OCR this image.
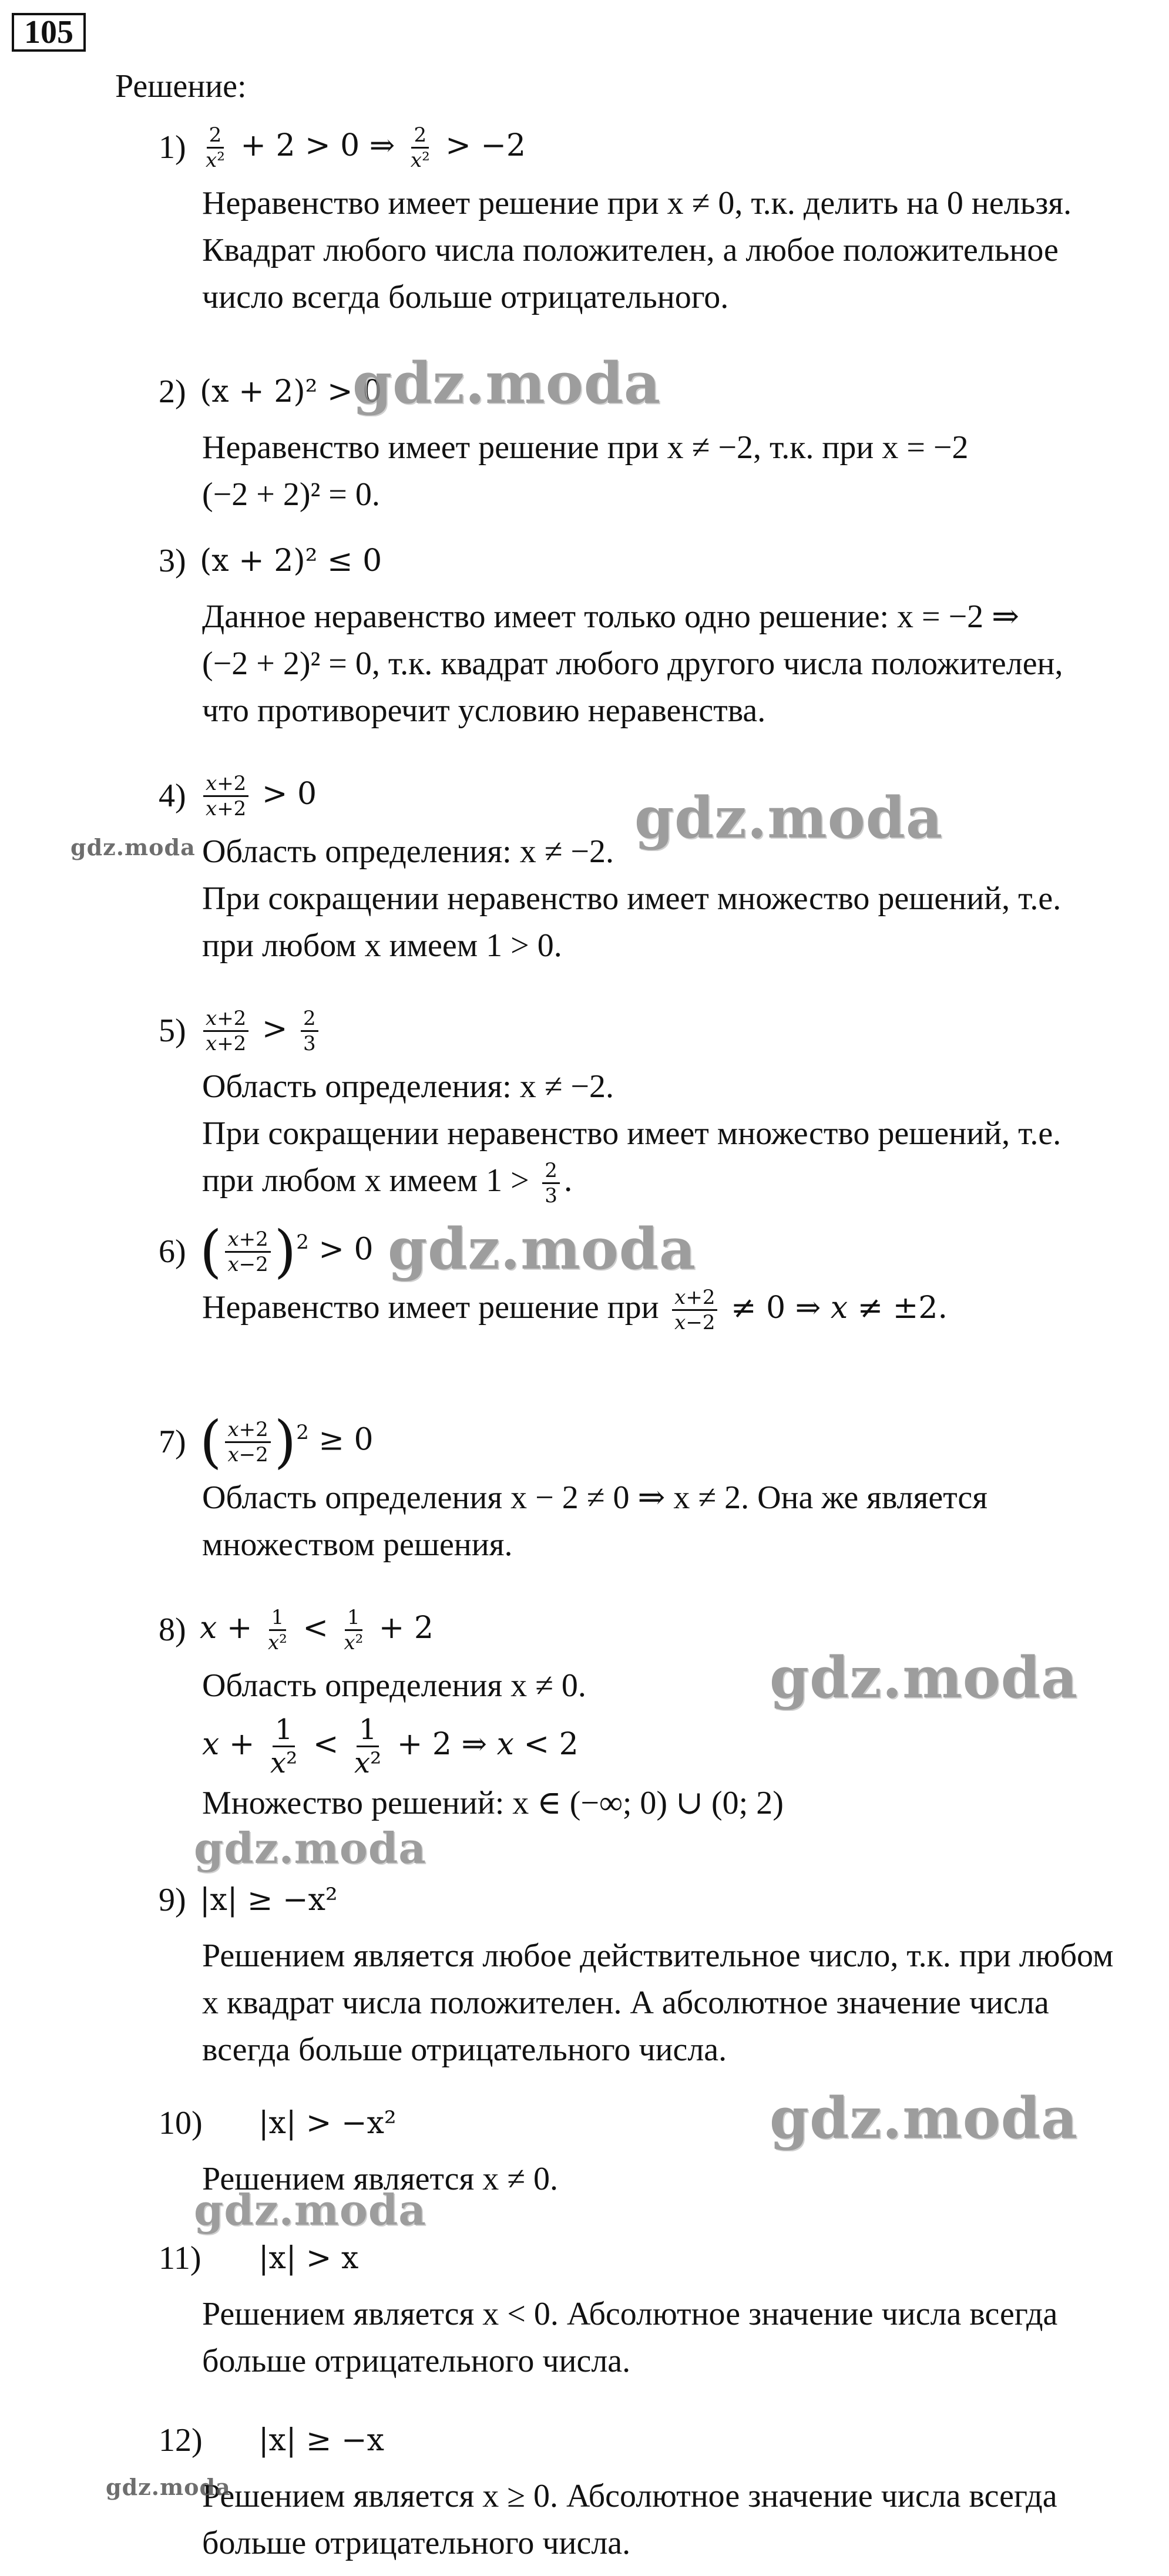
105
Решение:
$1) \frac{2}{\text{x²}} + 2 > 0$ ⇒ $\frac{2}{\text{x²}} > -2$

Неравенство имеет решение при x ≠ 0, т.к. делить на 0 нельзя.

Квадрат любого числа положителен, а любое положительное

число всегда больше отрицательного.

2) (x + 2)² > 0

Неравенство имеет решение при x ≠ −2, т.к. при x = −2

(−2 + 2)² = 0.

3) (x + 2)² ≤ 0

Данное неравенство имеет только одно решение: x = −2 ⇒

(−2 + 2)² = 0, т.к. квадрат любого другого числа положителен,

что противоречит условию неравенства.

$4) \frac{x+2}{x+2} > 0$

Область определения: x ≠ −2.

При сокращении неравенство имеет множество решений, т.е.

при любом x имеем 1 > 0.

$5) \frac{x+2}{x+2} > \frac{2}{3}$

Область определения: x ≠ −2.

При сокращении неравенство имеет множество решений, т.е.

при любом x имеем $1 > \frac{2}{3}$ .

6) ( $\frac{x+2}{x-2} )^2 > 0$

Неравенство имеет решение при $\frac{x+2}{x-2} \ne 0$ ⇒ x ≠ ±2.

7) ( $\frac{x+2}{x-2} )^2 \ge 0$

Область определения x − 2 ≠ 0 ⇒ x ≠ 2. Она же является

множеством решения.

8) $x + \frac{1}{\text{x²}} < \frac{1}{\text{x²}} + 2$

Область определения x ≠ 0.

$x + \frac{1}{\text{x²}} < \frac{1}{\text{x²}} + 2$ ⇒ x < 2

Множество решений: x ∈ (−∞; 0) ∪ (0; 2)

9) |x| ≥ −x²

Решением является любое действительное число, т.к. при любом

x квадрат числа положителен. А абсолютное значение числа

всегда больше отрицательного числа.

10)	|x| > −x²

Решением является x ≠ 0.

11)	|x| > x

Решением является x < 0. Абсолютное значение числа всегда

больше отрицательного числа.

12)	|x| ≥ −x

Решением является x ≥ 0. Абсолютное значение числа всегда

больше отрицательного числа.

gdz.moda
gdz.moda
gdz.moda
gdz.moda
gdz.moda
gdz.moda
gdz.moda
gdz.moda
gdz.moda
